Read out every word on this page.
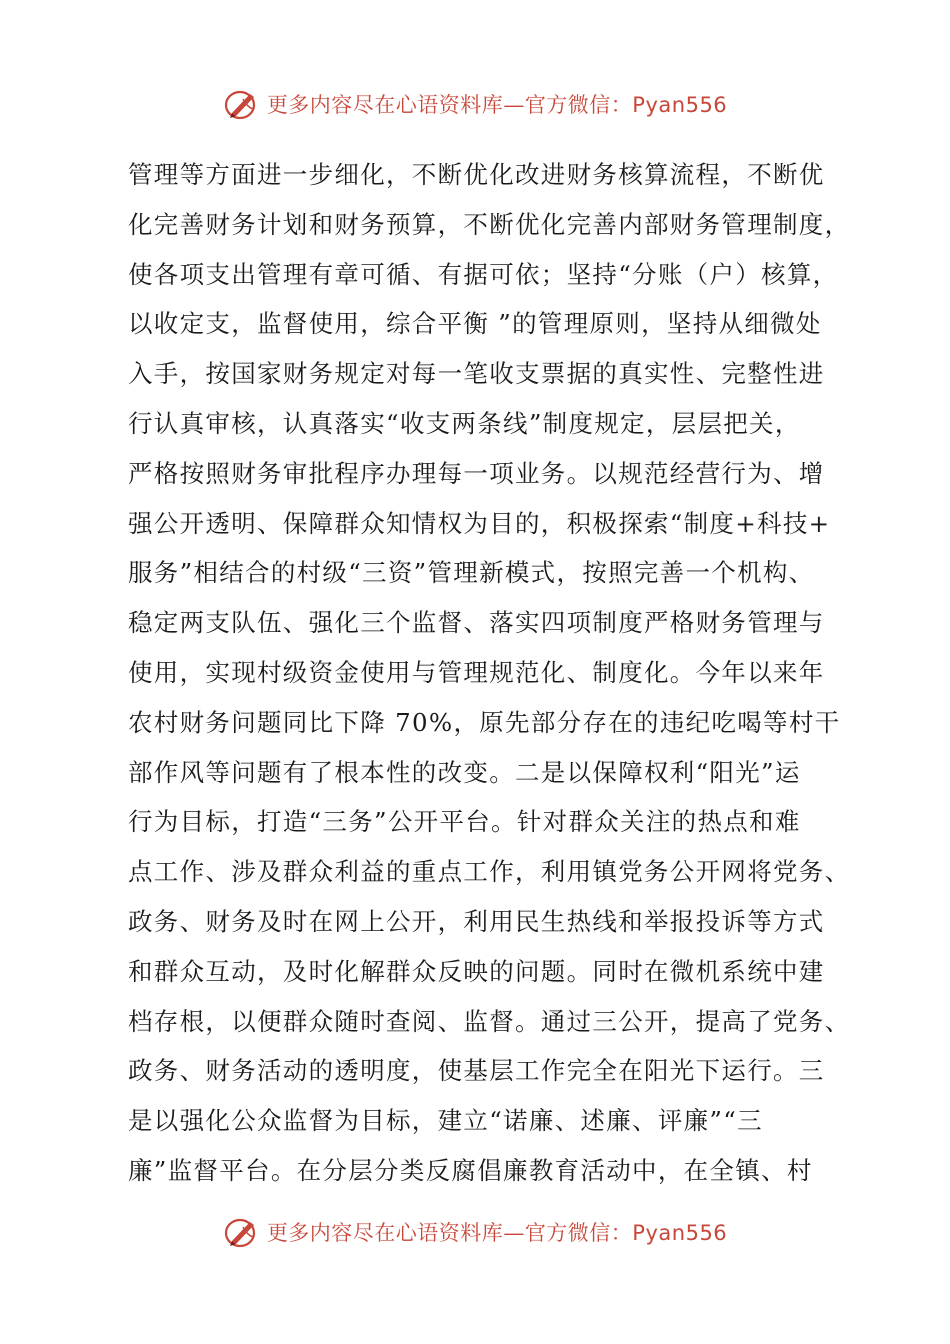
更多内容尽在心语资料库—官方微信：Pyan556
管理等方面进一步细化，不断优化改进财务核算流程，不断优
化完善财务计划和财务预算，不断优化完善内部财务管理制度，
使各项支出管理有章可循、有据可依；坚持“分账（户）核算，
以收定支，监督使用，综合平衡 ”的管理原则，坚持从细微处
入手，按国家财务规定对每一笔收支票据的真实性、完整性进
行认真审核，认真落实“收支两条线”制度规定，层层把关，
严格按照财务审批程序办理每一项业务。以规范经营行为、增
强公开透明、保障群众知情权为目的，积极探索“制度+科技+
服务”相结合的村级“三资”管理新模式，按照完善一个机构、
稳定两支队伍、强化三个监督、落实四项制度严格财务管理与
使用，实现村级资金使用与管理规范化、制度化。今年以来年
农村财务问题同比下降 70%，原先部分存在的违纪吃喝等村干
部作风等问题有了根本性的改变。二是以保障权利“阳光”运
行为目标，打造“三务”公开平台。针对群众关注的热点和难
点工作、涉及群众利益的重点工作，利用镇党务公开网将党务、
政务、财务及时在网上公开，利用民生热线和举报投诉等方式
和群众互动，及时化解群众反映的问题。同时在微机系统中建
档存根，以便群众随时查阅、监督。通过三公开，提高了党务、
政务、财务活动的透明度，使基层工作完全在阳光下运行。三
是以强化公众监督为目标，建立“诺廉、述廉、评廉”“三
廉”监督平台。在分层分类反腐倡廉教育活动中，在全镇、村
更多内容尽在心语资料库—官方微信：Pyan556
